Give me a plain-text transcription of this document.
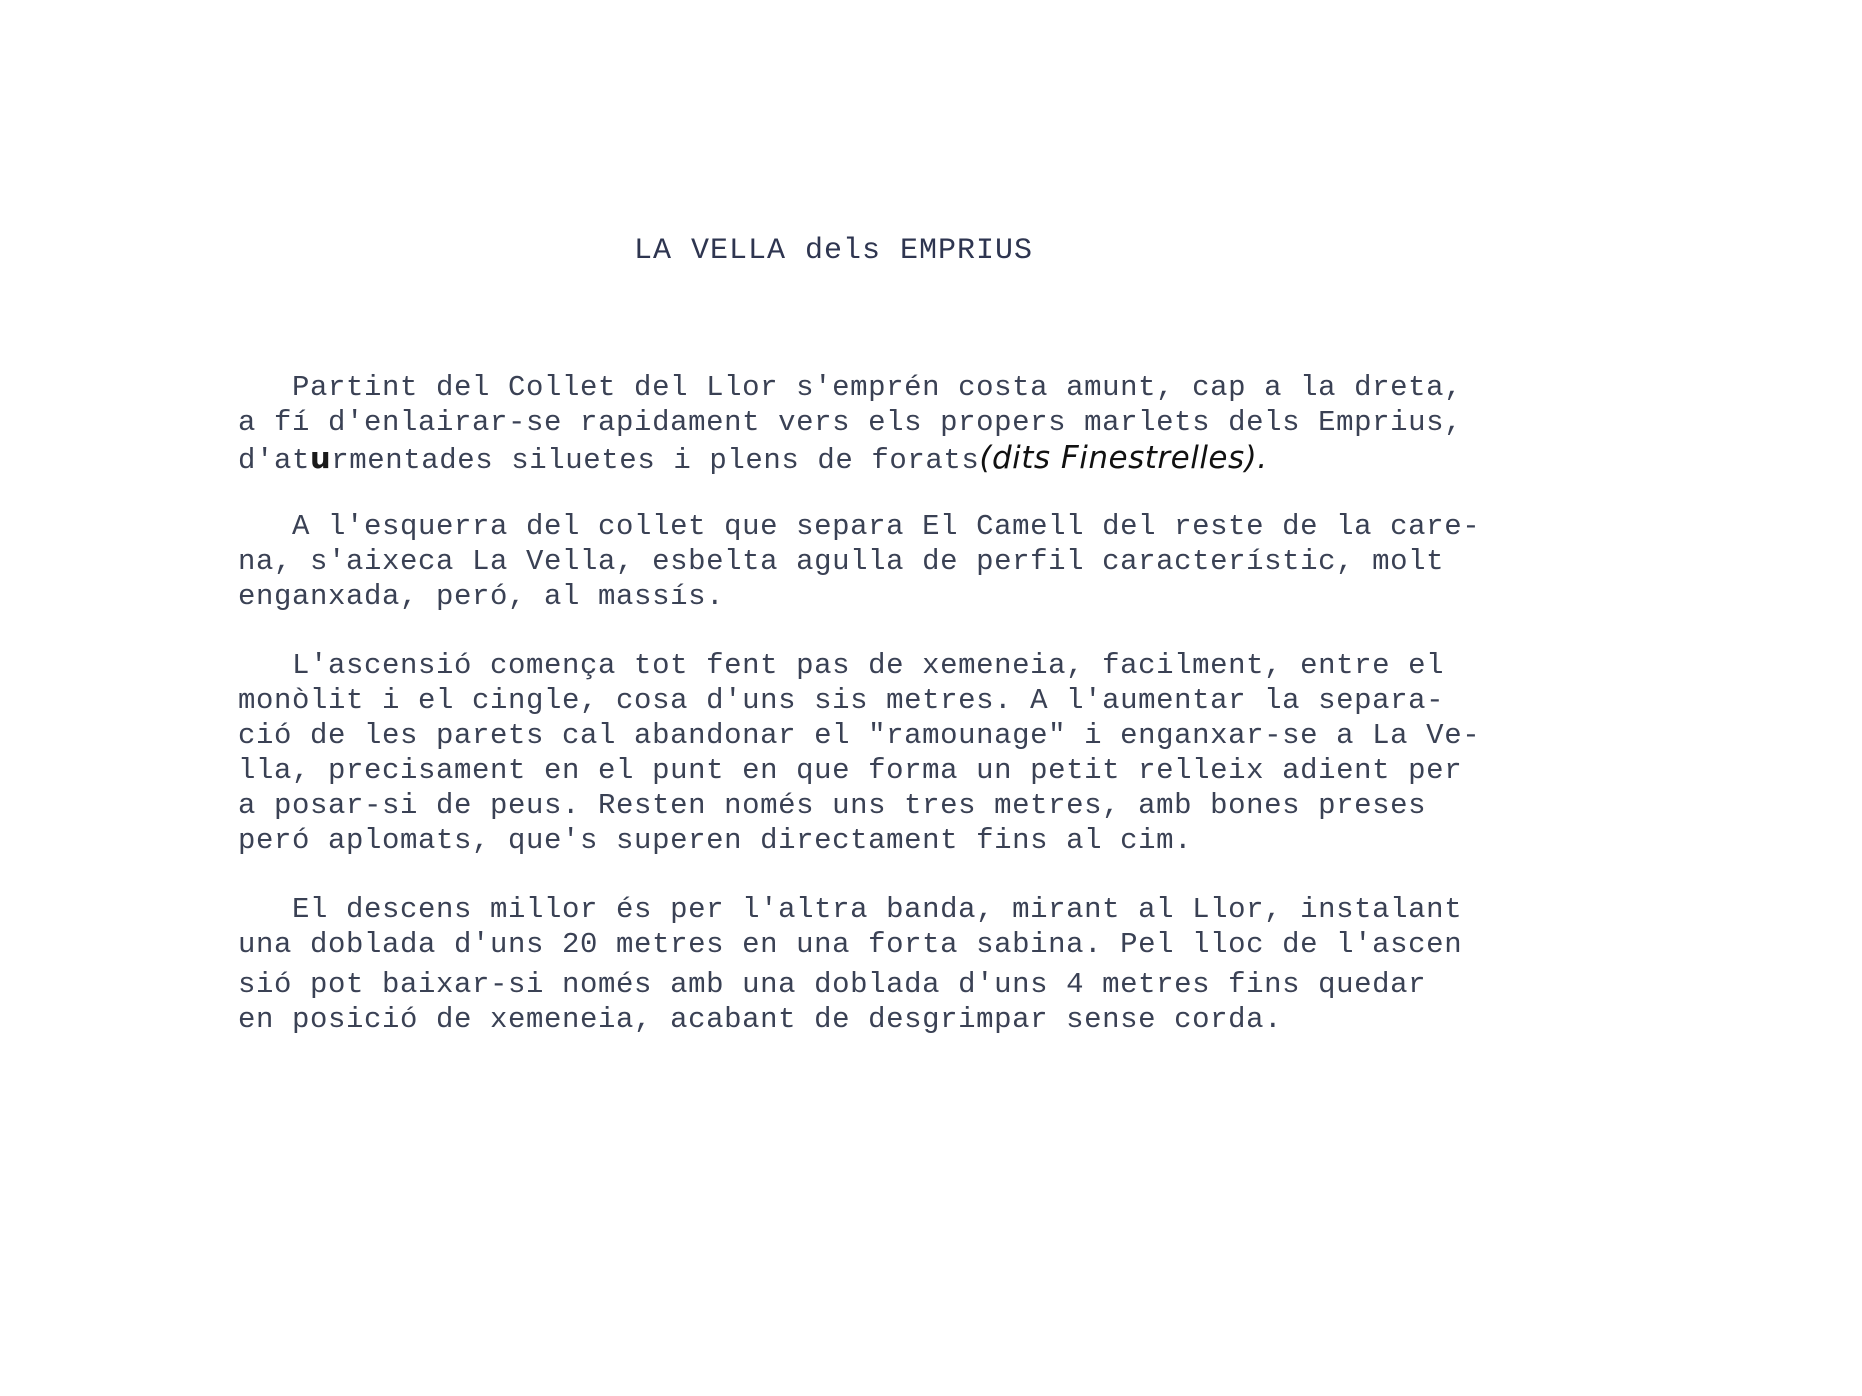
LA VELLA dels EMPRIUS
Partint del Collet del Llor s'emprén costa amunt, cap a la dreta,
a fí d'enlairar-se rapidament vers els propers marlets dels Emprius,
d'aturmentades siluetes i plens de forats(dits Finestrelles).
A l'esquerra del collet que separa El Camell del reste de la care-
na, s'aixeca La Vella, esbelta agulla de perfil característic, molt
enganxada, peró, al massís.
L'ascensió comença tot fent pas de xemeneia, facilment, entre el
monòlit i el cingle, cosa d'uns sis metres. A l'aumentar la separa-
ció de les parets cal abandonar el "ramounage" i enganxar-se a La Ve-
lla, precisament en el punt en que forma un petit relleix adient per
a posar-si de peus. Resten només uns tres metres, amb bones preses
peró aplomats, que's superen directament fins al cim.
El descens millor és per l'altra banda, mirant al Llor, instalant
una doblada d'uns 20 metres en una forta sabina. Pel lloc de l'ascen
sió pot baixar-si només amb una doblada d'uns 4 metres fins quedar
en posició de xemeneia, acabant de desgrimpar sense corda.
